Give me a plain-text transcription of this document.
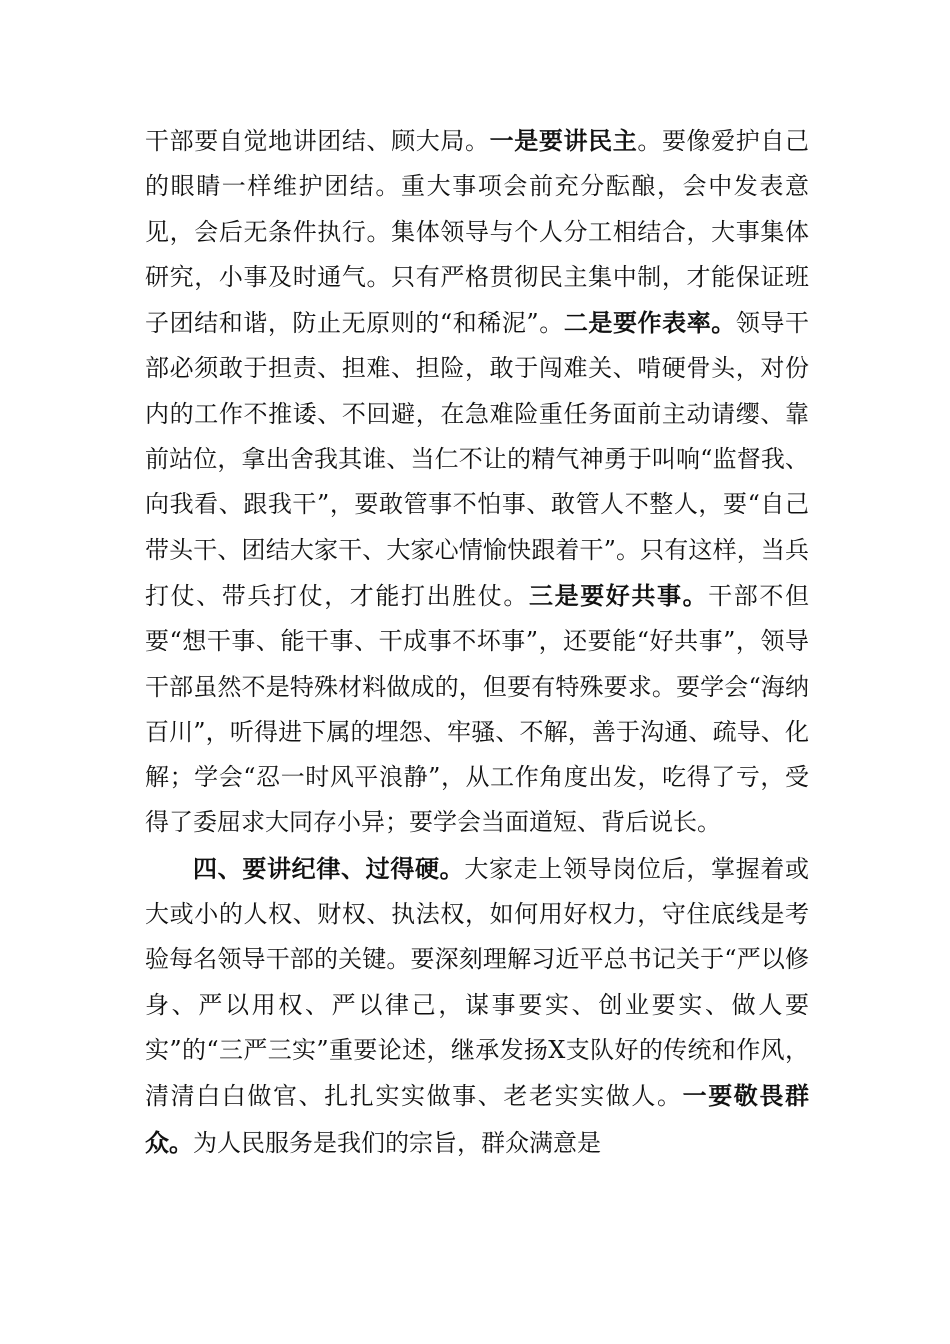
干部要自觉地讲团结、顾大局。一是要讲民主。要像爱护自己的眼睛一样维护团结。重大事项会前充分酝酿，会中发表意见，会后无条件执行。集体领导与个人分工相结合，大事集体研究，小事及时通气。只有严格贯彻民主集中制，才能保证班子团结和谐，防止无原则的“和稀泥”。二是要作表率。领导干部必须敢于担责、担难、担险，敢于闯难关、啃硬骨头，对份内的工作不推诿、不回避，在急难险重任务面前主动请缨、靠前站位，拿出舍我其谁、当仁不让的精气神勇于叫响“监督我、向我看、跟我干”，要敢管事不怕事、敢管人不整人，要“自己带头干、团结大家干、大家心情愉快跟着干”。只有这样，当兵打仗、带兵打仗，才能打出胜仗。三是要好共事。干部不但要“想干事、能干事、干成事不坏事”，还要能“好共事”，领导干部虽然不是特殊材料做成的，但要有特殊要求。要学会“海纳百川”，听得进下属的埋怨、牢骚、不解，善于沟通、疏导、化解；学会“忍一时风平浪静”，从工作角度出发，吃得了亏，受得了委屈求大同存小异；要学会当面道短、背后说长。

四、要讲纪律、过得硬。大家走上领导岗位后，掌握着或大或小的人权、财权、执法权，如何用好权力，守住底线是考验每名领导干部的关键。要深刻理解习近平总书记关于“严以修身、严以用权、严以律己，谋事要实、创业要实、做人要实”的“三严三实”重要论述，继承发扬X支队好的传统和作风，清清白白做官、扎扎实实做事、老老实实做人。一要敬畏群众。为人民服务是我们的宗旨，群众满意是
